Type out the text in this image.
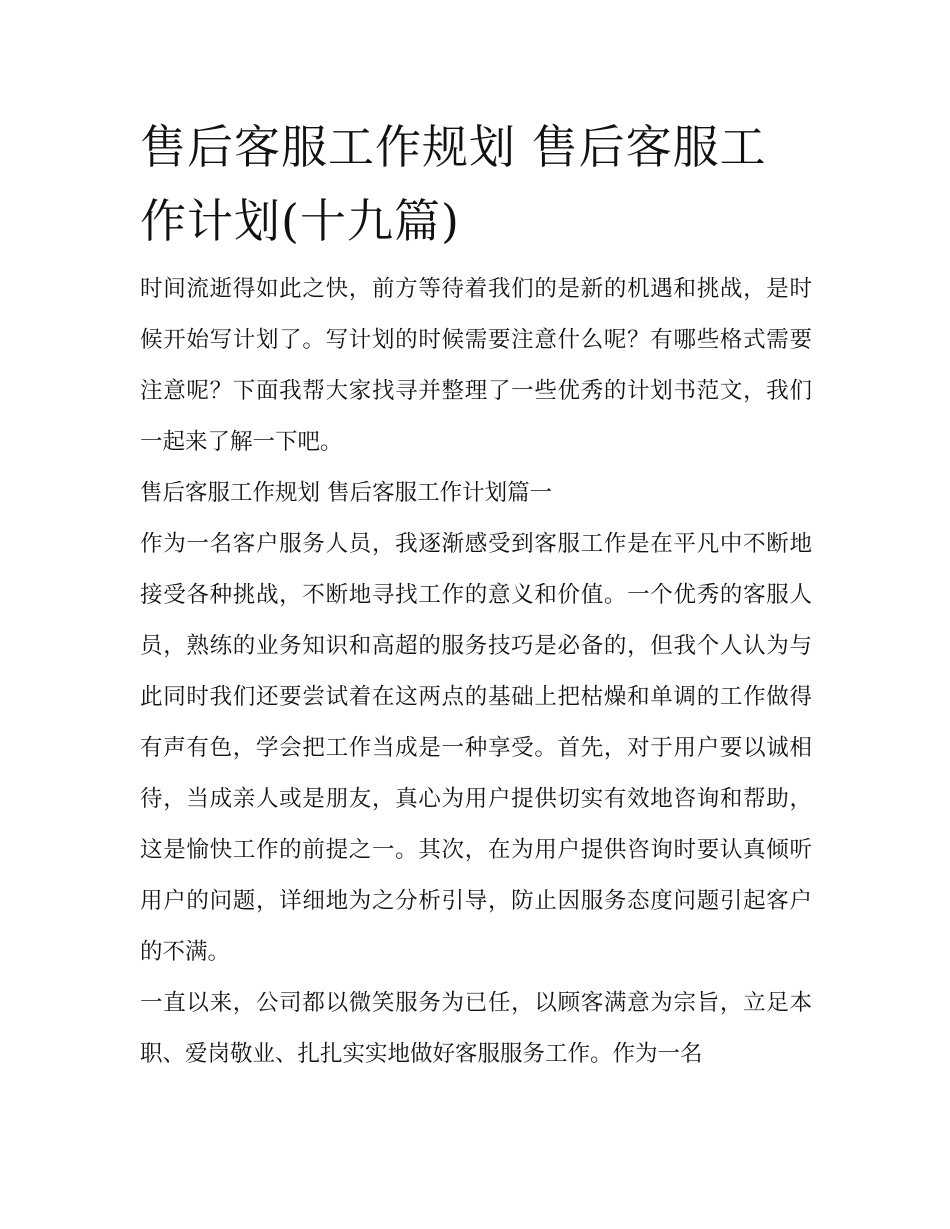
售后客服工作规划 售后客服工作计划(十九篇)

时间流逝得如此之快，前方等待着我们的是新的机遇和挑战，是时候开始写计划了。写计划的时候需要注意什么呢？有哪些格式需要注意呢？下面我帮大家找寻并整理了一些优秀的计划书范文，我们一起来了解一下吧。

售后客服工作规划 售后客服工作计划篇一

作为一名客户服务人员，我逐渐感受到客服工作是在平凡中不断地接受各种挑战，不断地寻找工作的意义和价值。一个优秀的客服人员，熟练的业务知识和高超的服务技巧是必备的，但我个人认为与此同时我们还要尝试着在这两点的基础上把枯燥和单调的工作做得有声有色，学会把工作当成是一种享受。首先，对于用户要以诚相待，当成亲人或是朋友，真心为用户提供切实有效地咨询和帮助，这是愉快工作的前提之一。其次，在为用户提供咨询时要认真倾听用户的问题，详细地为之分析引导，防止因服务态度问题引起客户的不满。

一直以来，公司都以微笑服务为已任，以顾客满意为宗旨，立足本职、爱岗敬业、扎扎实实地做好客服服务工作。作为一名
